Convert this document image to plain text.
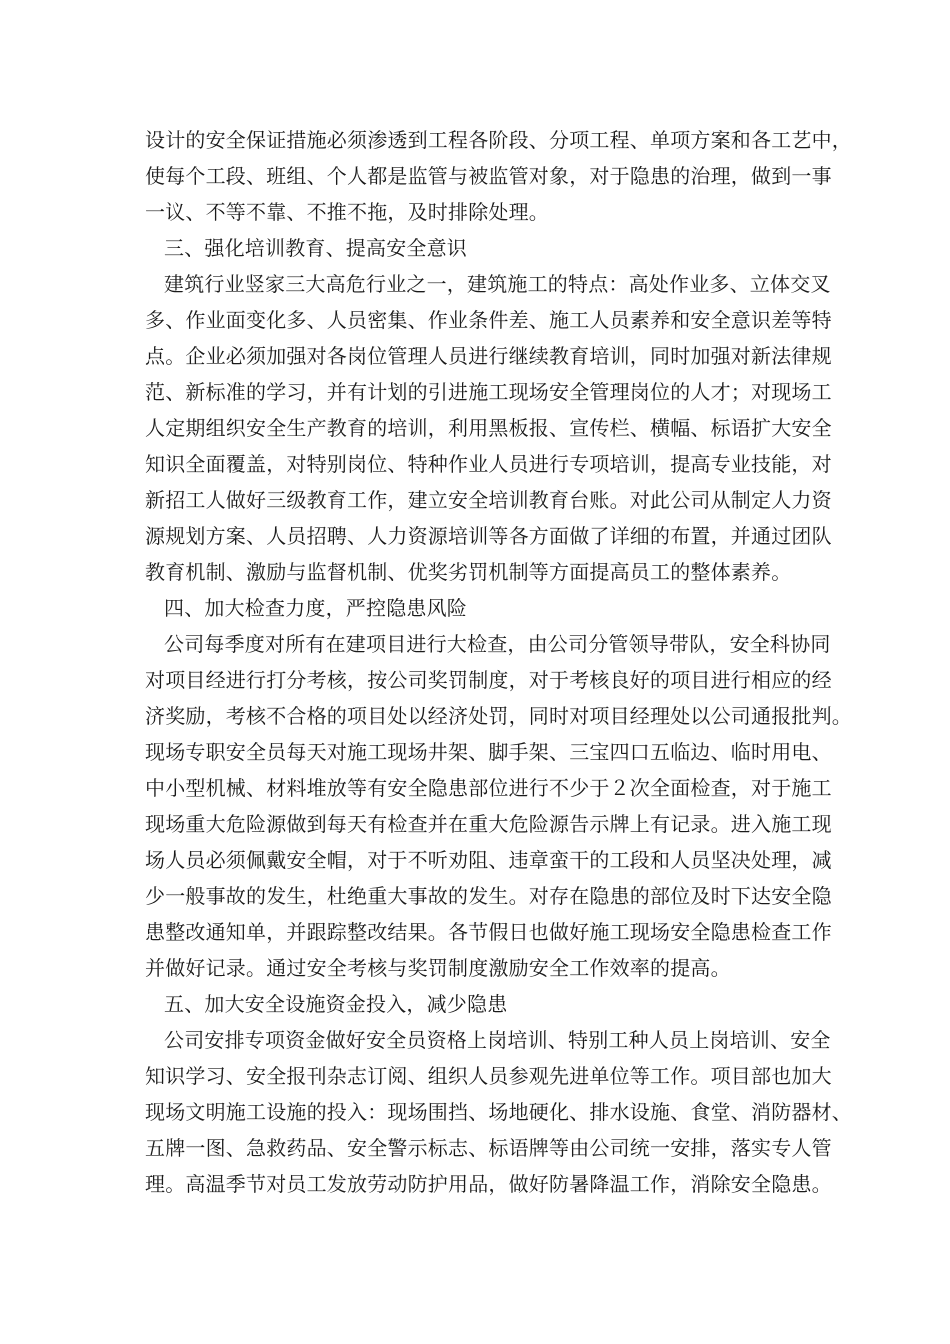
设计的安全保证措施必须渗透到工程各阶段、分项工程、单项方案和各工艺中，
使每个工段、班组、个人都是监管与被监管对象，对于隐患的治理，做到一事
一议、不等不靠、不推不拖，及时排除处理。
三、强化培训教育、提高安全意识
建筑行业竖家三大高危行业之一，建筑施工的特点：高处作业多、立体交叉
多、作业面变化多、人员密集、作业条件差、施工人员素养和安全意识差等特
点。企业必须加强对各岗位管理人员进行继续教育培训，同时加强对新法律规
范、新标准的学习，并有计划的引进施工现场安全管理岗位的人才；对现场工
人定期组织安全生产教育的培训，利用黑板报、宣传栏、横幅、标语扩大安全
知识全面覆盖，对特别岗位、特种作业人员进行专项培训，提高专业技能，对
新招工人做好三级教育工作，建立安全培训教育台账。对此公司从制定人力资
源规划方案、人员招聘、人力资源培训等各方面做了详细的布置，并通过团队
教育机制、激励与监督机制、优奖劣罚机制等方面提高员工的整体素养。
四、加大检查力度，严控隐患风险
公司每季度对所有在建项目进行大检查，由公司分管领导带队，安全科协同
对项目经进行打分考核，按公司奖罚制度，对于考核良好的项目进行相应的经
济奖励，考核不合格的项目处以经济处罚，同时对项目经理处以公司通报批判。
现场专职安全员每天对施工现场井架、脚手架、三宝四口五临边、临时用电、
中小型机械、材料堆放等有安全隐患部位进行不少于２次全面检查，对于施工
现场重大危险源做到每天有检查并在重大危险源告示牌上有记录。进入施工现
场人员必须佩戴安全帽，对于不听劝阻、违章蛮干的工段和人员坚决处理，减
少一般事故的发生，杜绝重大事故的发生。对存在隐患的部位及时下达安全隐
患整改通知单，并跟踪整改结果。各节假日也做好施工现场安全隐患检查工作
并做好记录。通过安全考核与奖罚制度激励安全工作效率的提高。
五、加大安全设施资金投入，减少隐患
公司安排专项资金做好安全员资格上岗培训、特别工种人员上岗培训、安全
知识学习、安全报刊杂志订阅、组织人员参观先进单位等工作。项目部也加大
现场文明施工设施的投入：现场围挡、场地硬化、排水设施、食堂、消防器材、
五牌一图、急救药品、安全警示标志、标语牌等由公司统一安排，落实专人管
理。高温季节对员工发放劳动防护用品，做好防暑降温工作，消除安全隐患。
